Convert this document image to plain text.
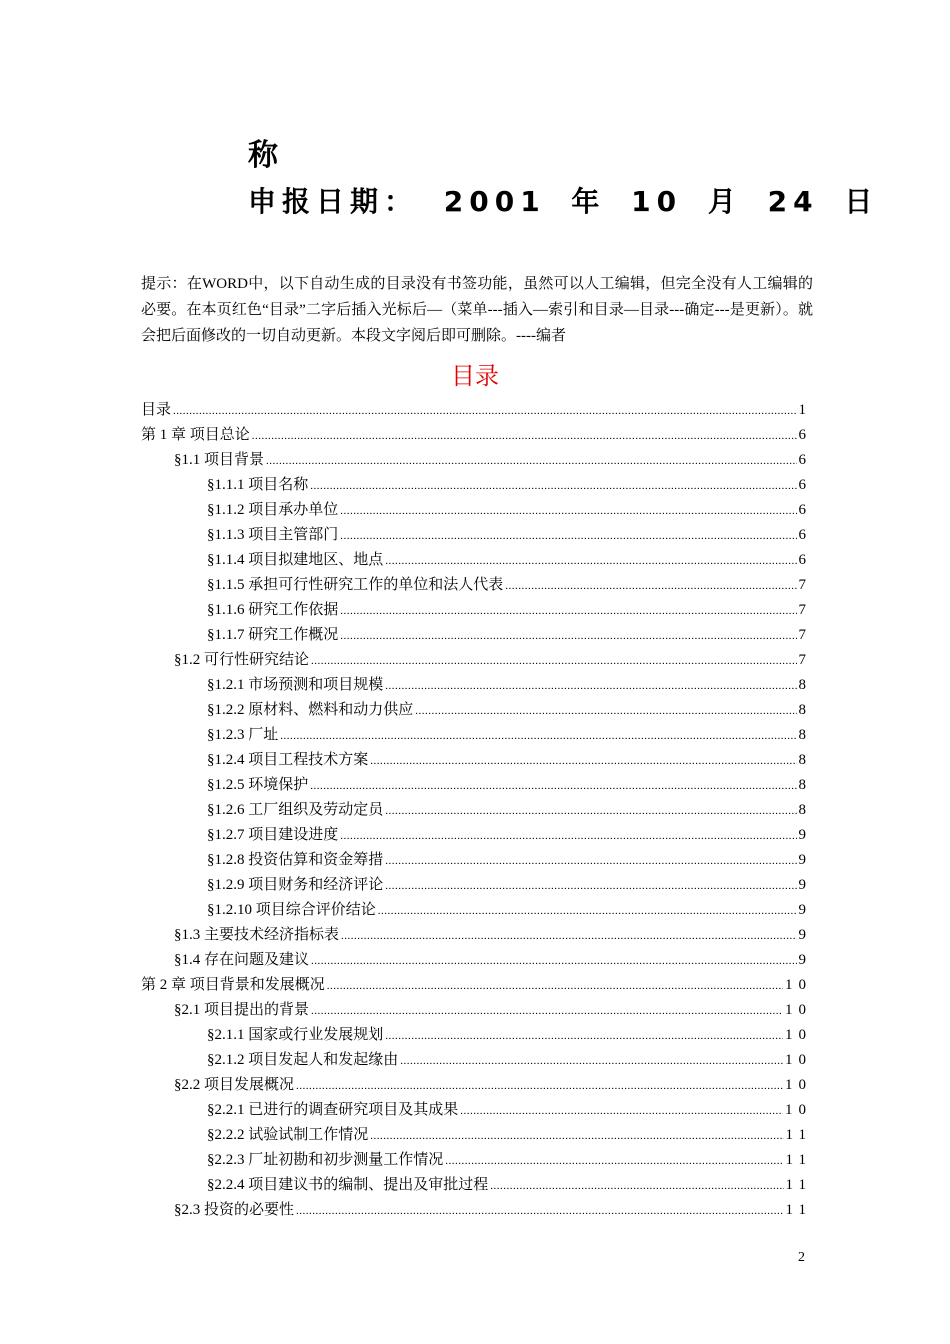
称
申报日期： 2001 年 10 月 24 日
提示：在WORD中，以下自动生成的目录没有书签功能，虽然可以人工编辑，但完全没有人工编辑的必要。在本页红色“目录”二字后插入光标后—（菜单---插入—索引和目录—目录---确定---是更新）。就会把后面修改的一切自动更新。本段文字阅后即可删除。----编者
目录
目录 .....	1
第 1 章 项目总论 .....	6
§1.1 项目背景 .....	6
§1.1.1 项目名称 .....	6
§1.1.2 项目承办单位 .....	6
§1.1.3 项目主管部门 .....	6
§1.1.4 项目拟建地区、地点 .....	6
§1.1.5 承担可行性研究工作的单位和法人代表 .....	7
§1.1.6 研究工作依据 .....	7
§1.1.7 研究工作概况 .....	7
§1.2 可行性研究结论 .....	7
§1.2.1 市场预测和项目规模 .....	8
§1.2.2 原材料、燃料和动力供应 .....	8
§1.2.3 厂址 .....	8
§1.2.4 项目工程技术方案 .....	8
§1.2.5 环境保护 .....	8
§1.2.6 工厂组织及劳动定员 .....	8
§1.2.7 项目建设进度 .....	9
§1.2.8 投资估算和资金筹措 .....	9
§1.2.9 项目财务和经济评论 .....	9
§1.2.10 项目综合评价结论 .....	9
§1.3 主要技术经济指标表 .....	9
§1.4 存在问题及建议 .....	9
第 2 章 项目背景和发展概况 .....	10
§2.1 项目提出的背景 .....	10
§2.1.1 国家或行业发展规划 .....	10
§2.1.2 项目发起人和发起缘由 .....	10
§2.2 项目发展概况 .....	10
§2.2.1 已进行的调查研究项目及其成果 .....	10
§2.2.2 试验试制工作情况 .....	11
§2.2.3 厂址初勘和初步测量工作情况 .....	11
§2.2.4 项目建议书的编制、提出及审批过程 .....	11
§2.3 投资的必要性 .....	11
2
